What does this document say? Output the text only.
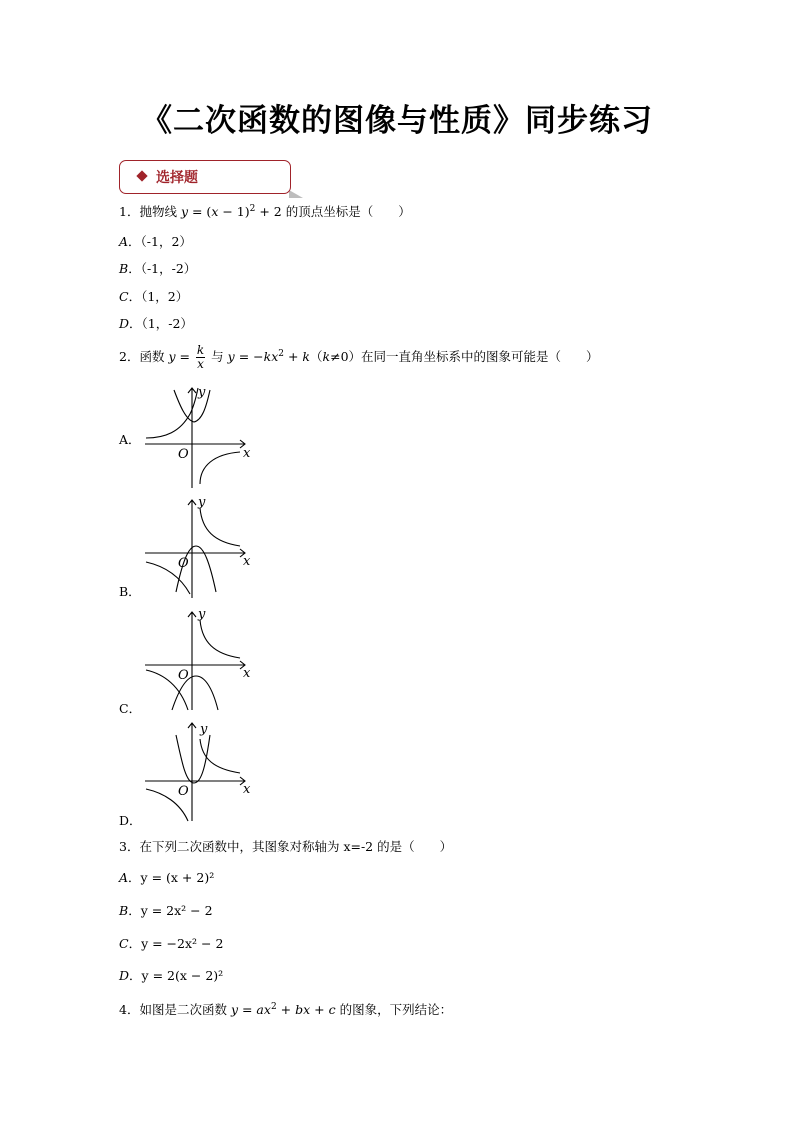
《二次函数的图像与性质》同步练习
选择题
1．抛物线 $y = (x - 1)^2 + 2$ 的顶点坐标是（　　）
A．（-1，2）
B．（-1，-2）
C．（1，2）
D．（1，-2）
2．函数 $y = \frac{k}{x}$ 与 $y = -kx^2 + k(k\ne 0)$在同一直角坐标系中的图象可能是（　　）
A．
O	x
y
O	x
y
B．
O	x
y
C．
O	x
y
D．
3．在下列二次函数中，其图象对称轴为 x=-2 的是（　　）
A．y = (x + 2)²
B．y = 2x² − 2
C．y = −2x² − 2
D．y = 2(x − 2)²
4．如图是二次函数 $y = ax^2$ + bx + c 的图象，下列结论：
